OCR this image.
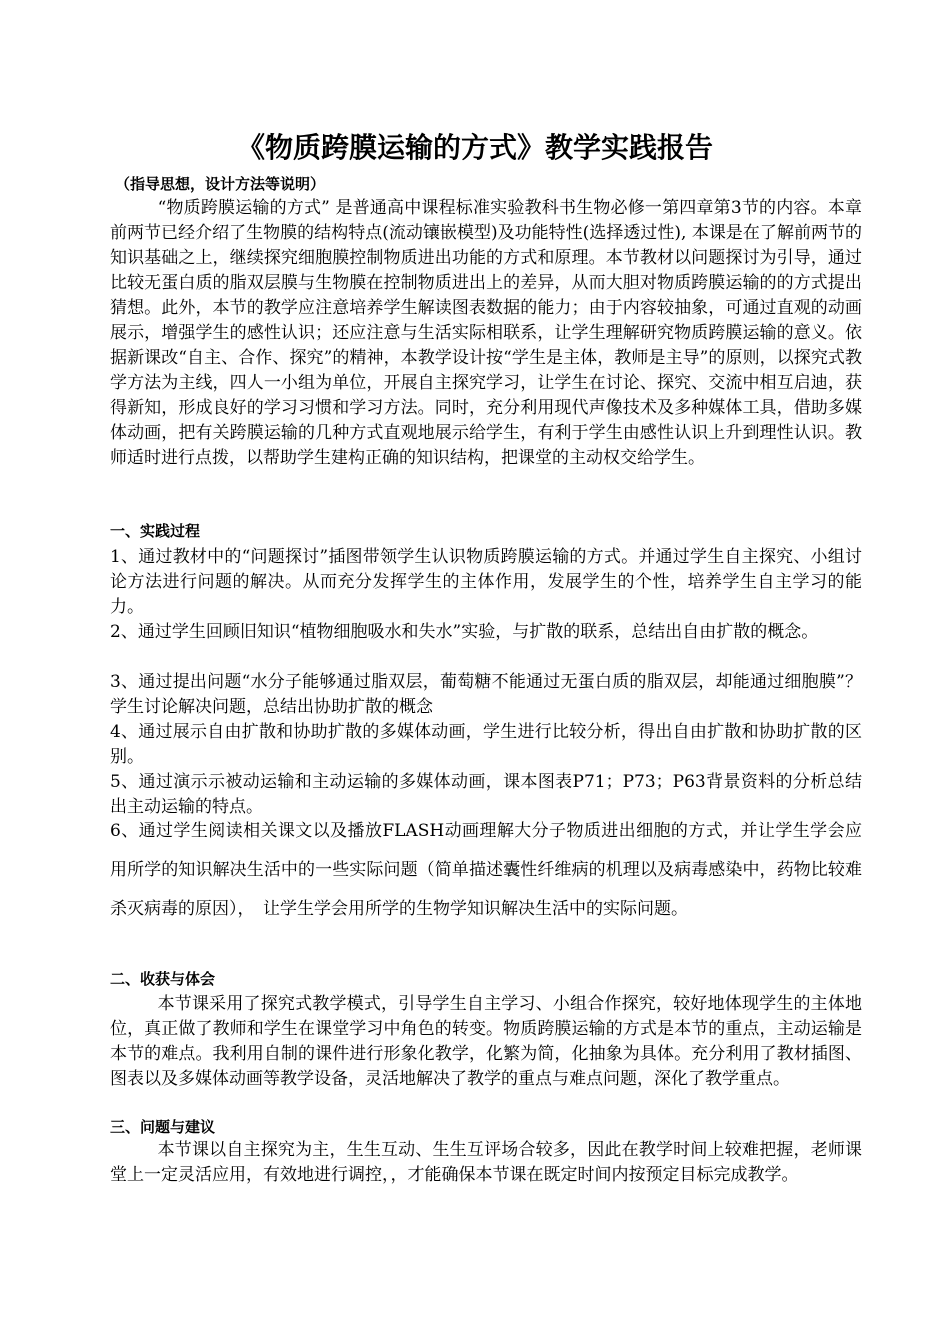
《物质跨膜运输的方式》教学实践报告
（指导思想，设计方法等说明）
“物质跨膜运输的方式” 是普通高中课程标准实验教科书生物必修一第四章第3节的内容。本章前两节已经介绍了生物膜的结构特点(流动镶嵌模型)及功能特性(选择透过性), 本课是在了解前两节的知识基础之上，继续探究细胞膜控制物质进出功能的方式和原理。本节教材以问题探讨为引导，通过比较无蛋白质的脂双层膜与生物膜在控制物质进出上的差异，从而大胆对物质跨膜运输的的方式提出猜想。此外，本节的教学应注意培养学生解读图表数据的能力；由于内容较抽象，可通过直观的动画展示，增强学生的感性认识；还应注意与生活实际相联系，让学生理解研究物质跨膜运输的意义。依据新课改“自主、合作、探究”的精神，本教学设计按“学生是主体，教师是主导”的原则，以探究式教学方法为主线，四人一小组为单位，开展自主探究学习，让学生在讨论、探究、交流中相互启迪，获得新知，形成良好的学习习惯和学习方法。同时，充分利用现代声像技术及多种媒体工具，借助多媒体动画，把有关跨膜运输的几种方式直观地展示给学生，有利于学生由感性认识上升到理性认识。教师适时进行点拨，以帮助学生建构正确的知识结构，把课堂的主动权交给学生。
一、实践过程
1、通过教材中的“问题探讨”插图带领学生认识物质跨膜运输的方式。并通过学生自主探究、小组讨论方法进行问题的解决。从而充分发挥学生的主体作用，发展学生的个性，培养学生自主学习的能力。
2、通过学生回顾旧知识“植物细胞吸水和失水”实验，与扩散的联系，总结出自由扩散的概念。
3、通过提出问题“水分子能够通过脂双层，葡萄糖不能通过无蛋白质的脂双层，却能通过细胞膜”？学生讨论解决问题，总结出协助扩散的概念
4、通过展示自由扩散和协助扩散的多媒体动画，学生进行比较分析，得出自由扩散和协助扩散的区别。
5、通过演示示被动运输和主动运输的多媒体动画，课本图表P71；P73；P63背景资料的分析总结出主动运输的特点。
6、通过学生阅读相关课文以及播放FLASH动画理解大分子物质进出细胞的方式，并让学生学会应用所学的知识解决生活中的一些实际问题（简单描述囊性纤维病的机理以及病毒感染中，药物比较难杀灭病毒的原因），　让学生学会用所学的生物学知识解决生活中的实际问题。
二、收获与体会
本节课采用了探究式教学模式，引导学生自主学习、小组合作探究，较好地体现学生的主体地位，真正做了教师和学生在课堂学习中角色的转变。物质跨膜运输的方式是本节的重点，主动运输是本节的难点。我利用自制的课件进行形象化教学，化繁为简，化抽象为具体。充分利用了教材插图、图表以及多媒体动画等教学设备，灵活地解决了教学的重点与难点问题，深化了教学重点。
三、问题与建议
本节课以自主探究为主，生生互动、生生互评场合较多，因此在教学时间上较难把握，老师课堂上一定灵活应用，有效地进行调控，，才能确保本节课在既定时间内按预定目标完成教学。
